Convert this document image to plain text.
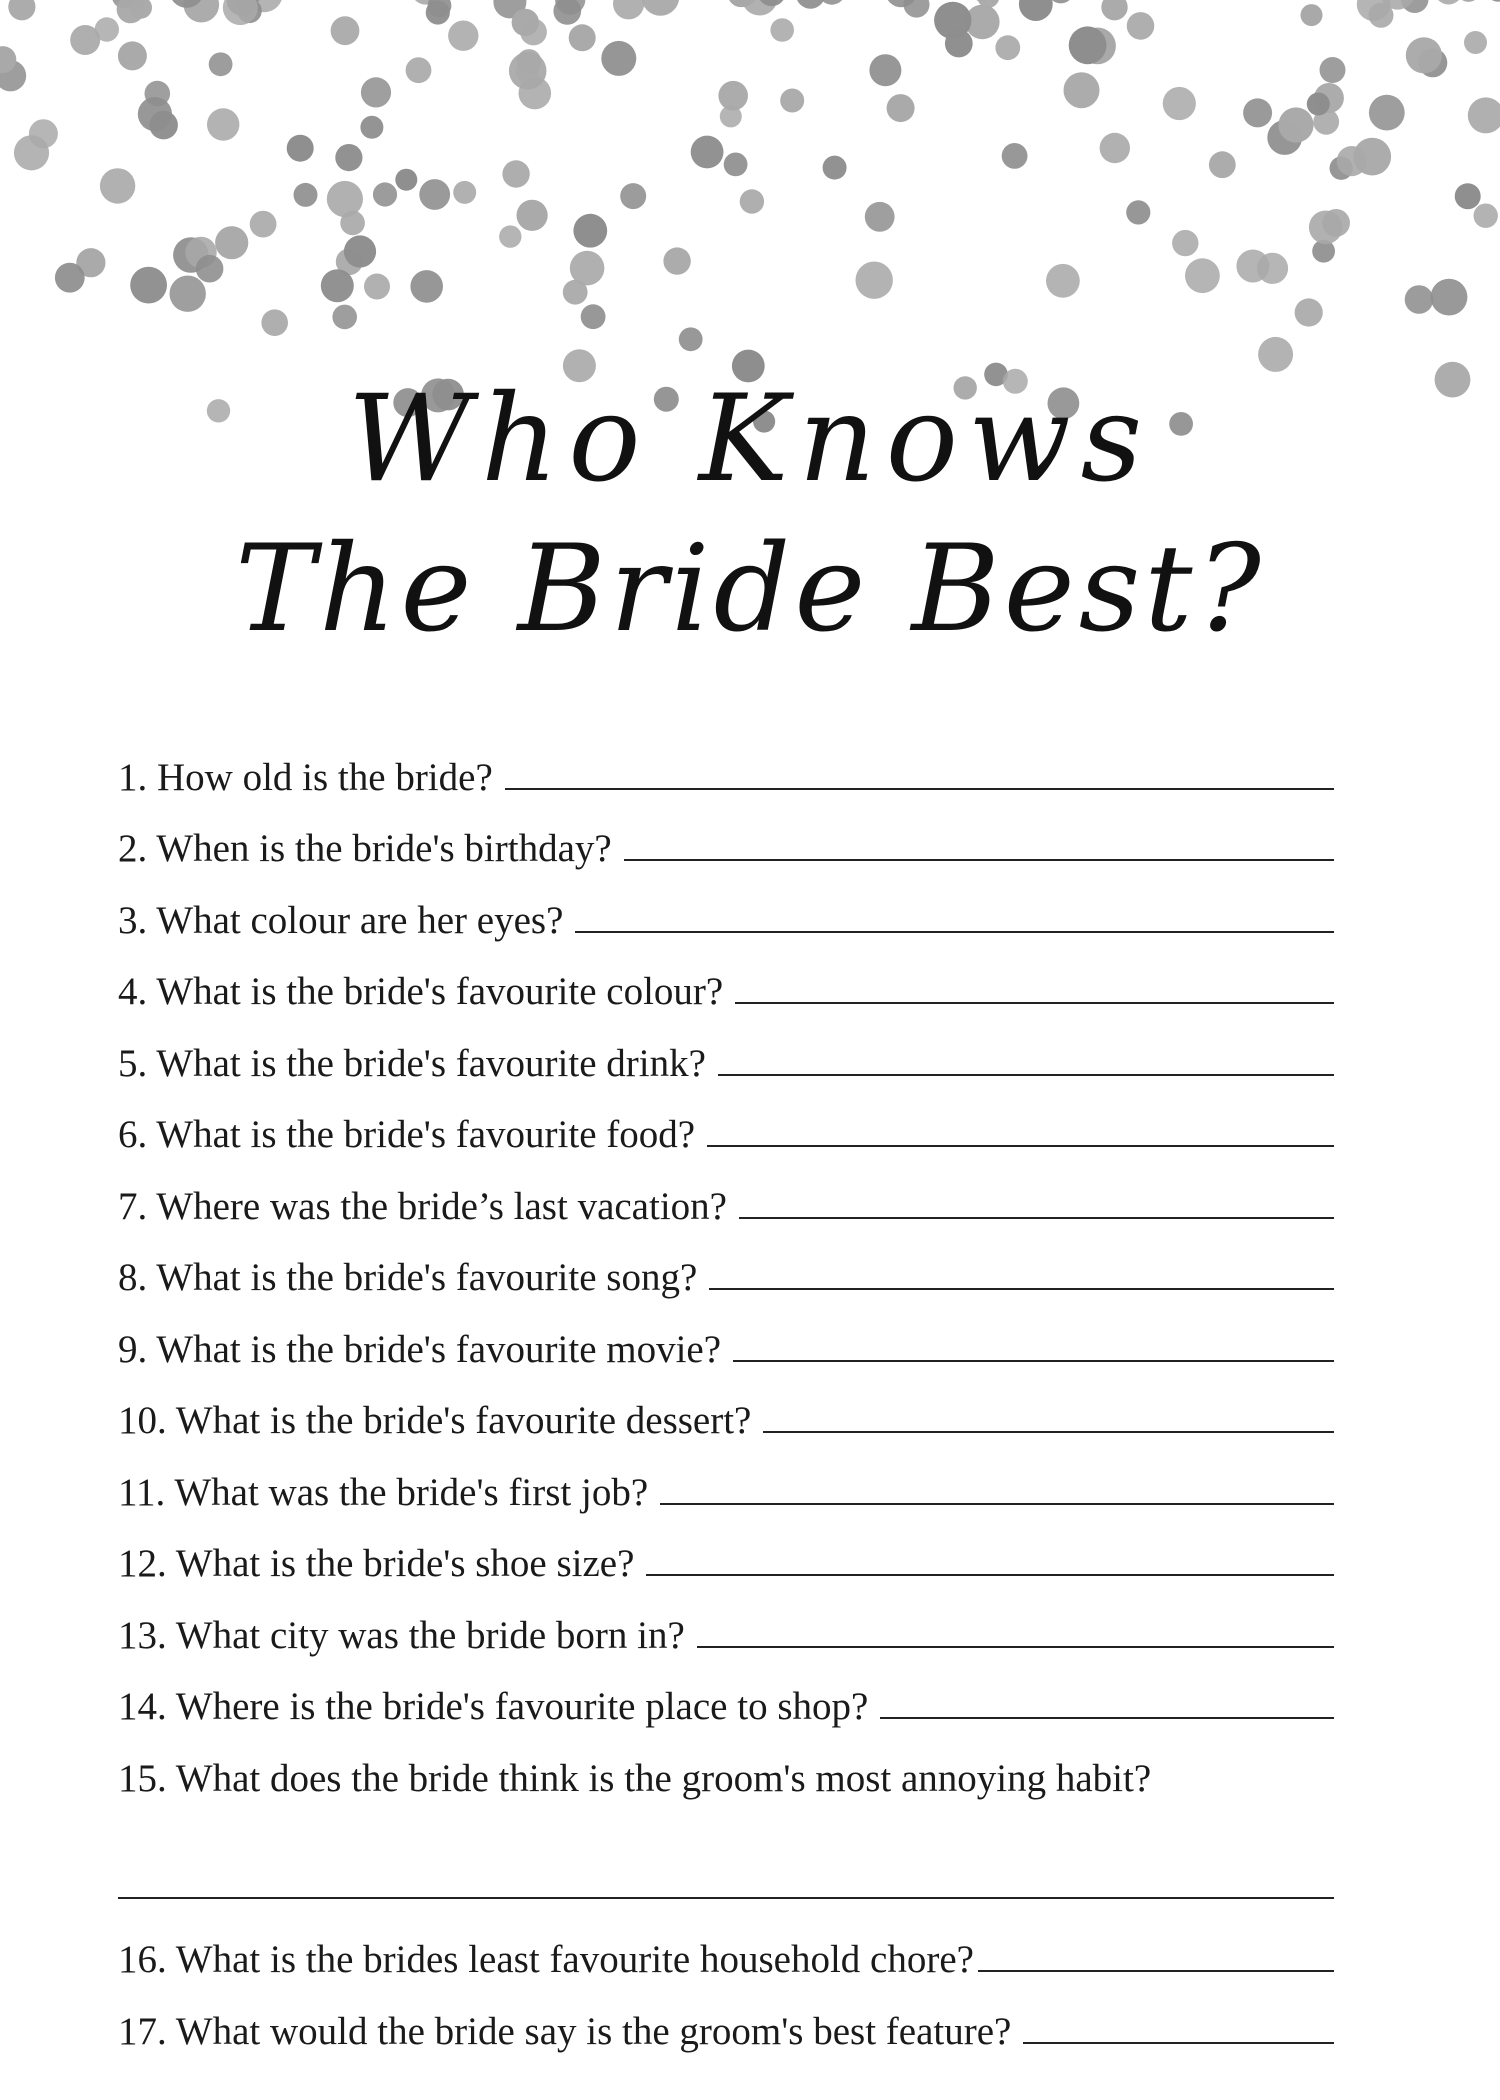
Who Knows
The Bride Best?
1. How old is the bride?
2. When is the bride's birthday?
3. What colour are her eyes?
4. What is the bride's favourite colour?
5. What is the bride's favourite drink?
6. What is the bride's favourite food?
7. Where was the bride’s last vacation?
8. What is the bride's favourite song?
9. What is the bride's favourite movie?
10. What is the bride's favourite dessert?
11. What was the bride's first job?
12. What is the bride's shoe size?
13. What city was the bride born in?
14. Where is the bride's favourite place to shop?
15. What does the bride think is the groom's most annoying habit?
16. What is the brides least favourite household chore?
17. What would the bride say is the groom's best feature?
